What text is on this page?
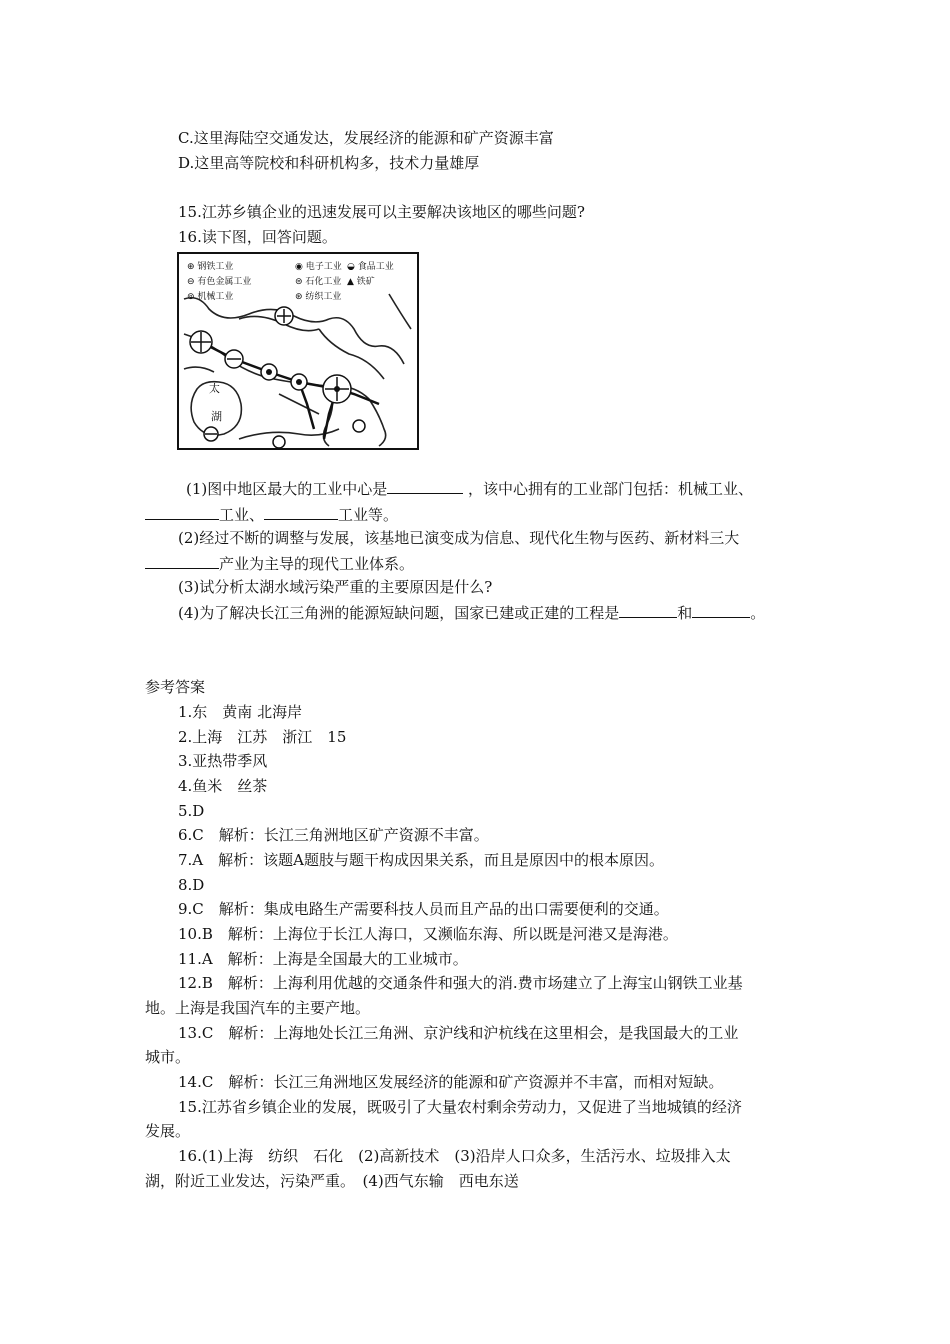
C.这里海陆空交通发达，发展经济的能源和矿产资源丰富
D.这里高等院校和科研机构多，技术力量雄厚
15.江苏乡镇企业的迅速发展可以主要解决该地区的哪些问题?
16.读下图，回答问题。
⊕ 钢铁工业	◉ 电子工业 ◒ 食品工业
⊖ 有色金属工业	⊜ 石化工业 ▲ 铁矿
⊚ 机械工业	⊛ 纺织工业
太
湖
(1)图中地区最大的工业中心是	，该中心拥有的工业部门包括：机械工业、
工业、	工业等。
(2)经过不断的调整与发展，该基地已演变成为信息、现代化生物与医药、新材料三大
产业为主导的现代工业体系。
(3)试分析太湖水域污染严重的主要原因是什么?
(4)为了解决长江三角洲的能源短缺问题，国家已建或正建的工程是	和	。
参考答案
1.东　黄南 北海岸
2.上海　江苏　浙江　15
3.亚热带季风
4.鱼米　丝茶
5.D
6.C　解析：长江三角洲地区矿产资源不丰富。
7.A　解析：该题A题肢与题干构成因果关系，而且是原因中的根本原因。
8.D
9.C　解析：集成电路生产需要科技人员而且产品的出口需要便利的交通。
10.B　解析：上海位于长江人海口，又濒临东海、所以既是河港又是海港。
11.A　解析：上海是全国最大的工业城市。
12.B　解析：上海利用优越的交通条件和强大的消.费市场建立了上海宝山钢铁工业基
地。上海是我国汽车的主要产地。
13.C　解析：上海地处长江三角洲、京沪线和沪杭线在这里相会，是我国最大的工业
城市。
14.C　解析：长江三角洲地区发展经济的能源和矿产资源并不丰富，而相对短缺。
15.江苏省乡镇企业的发展，既吸引了大量农村剩余劳动力，又促进了当地城镇的经济
发展。
16.(1)上海　纺织　石化　(2)高新技术　(3)沿岸人口众多，生活污水、垃圾排入太
湖，附近工业发达，污染严重。　(4)西气东输　西电东送
